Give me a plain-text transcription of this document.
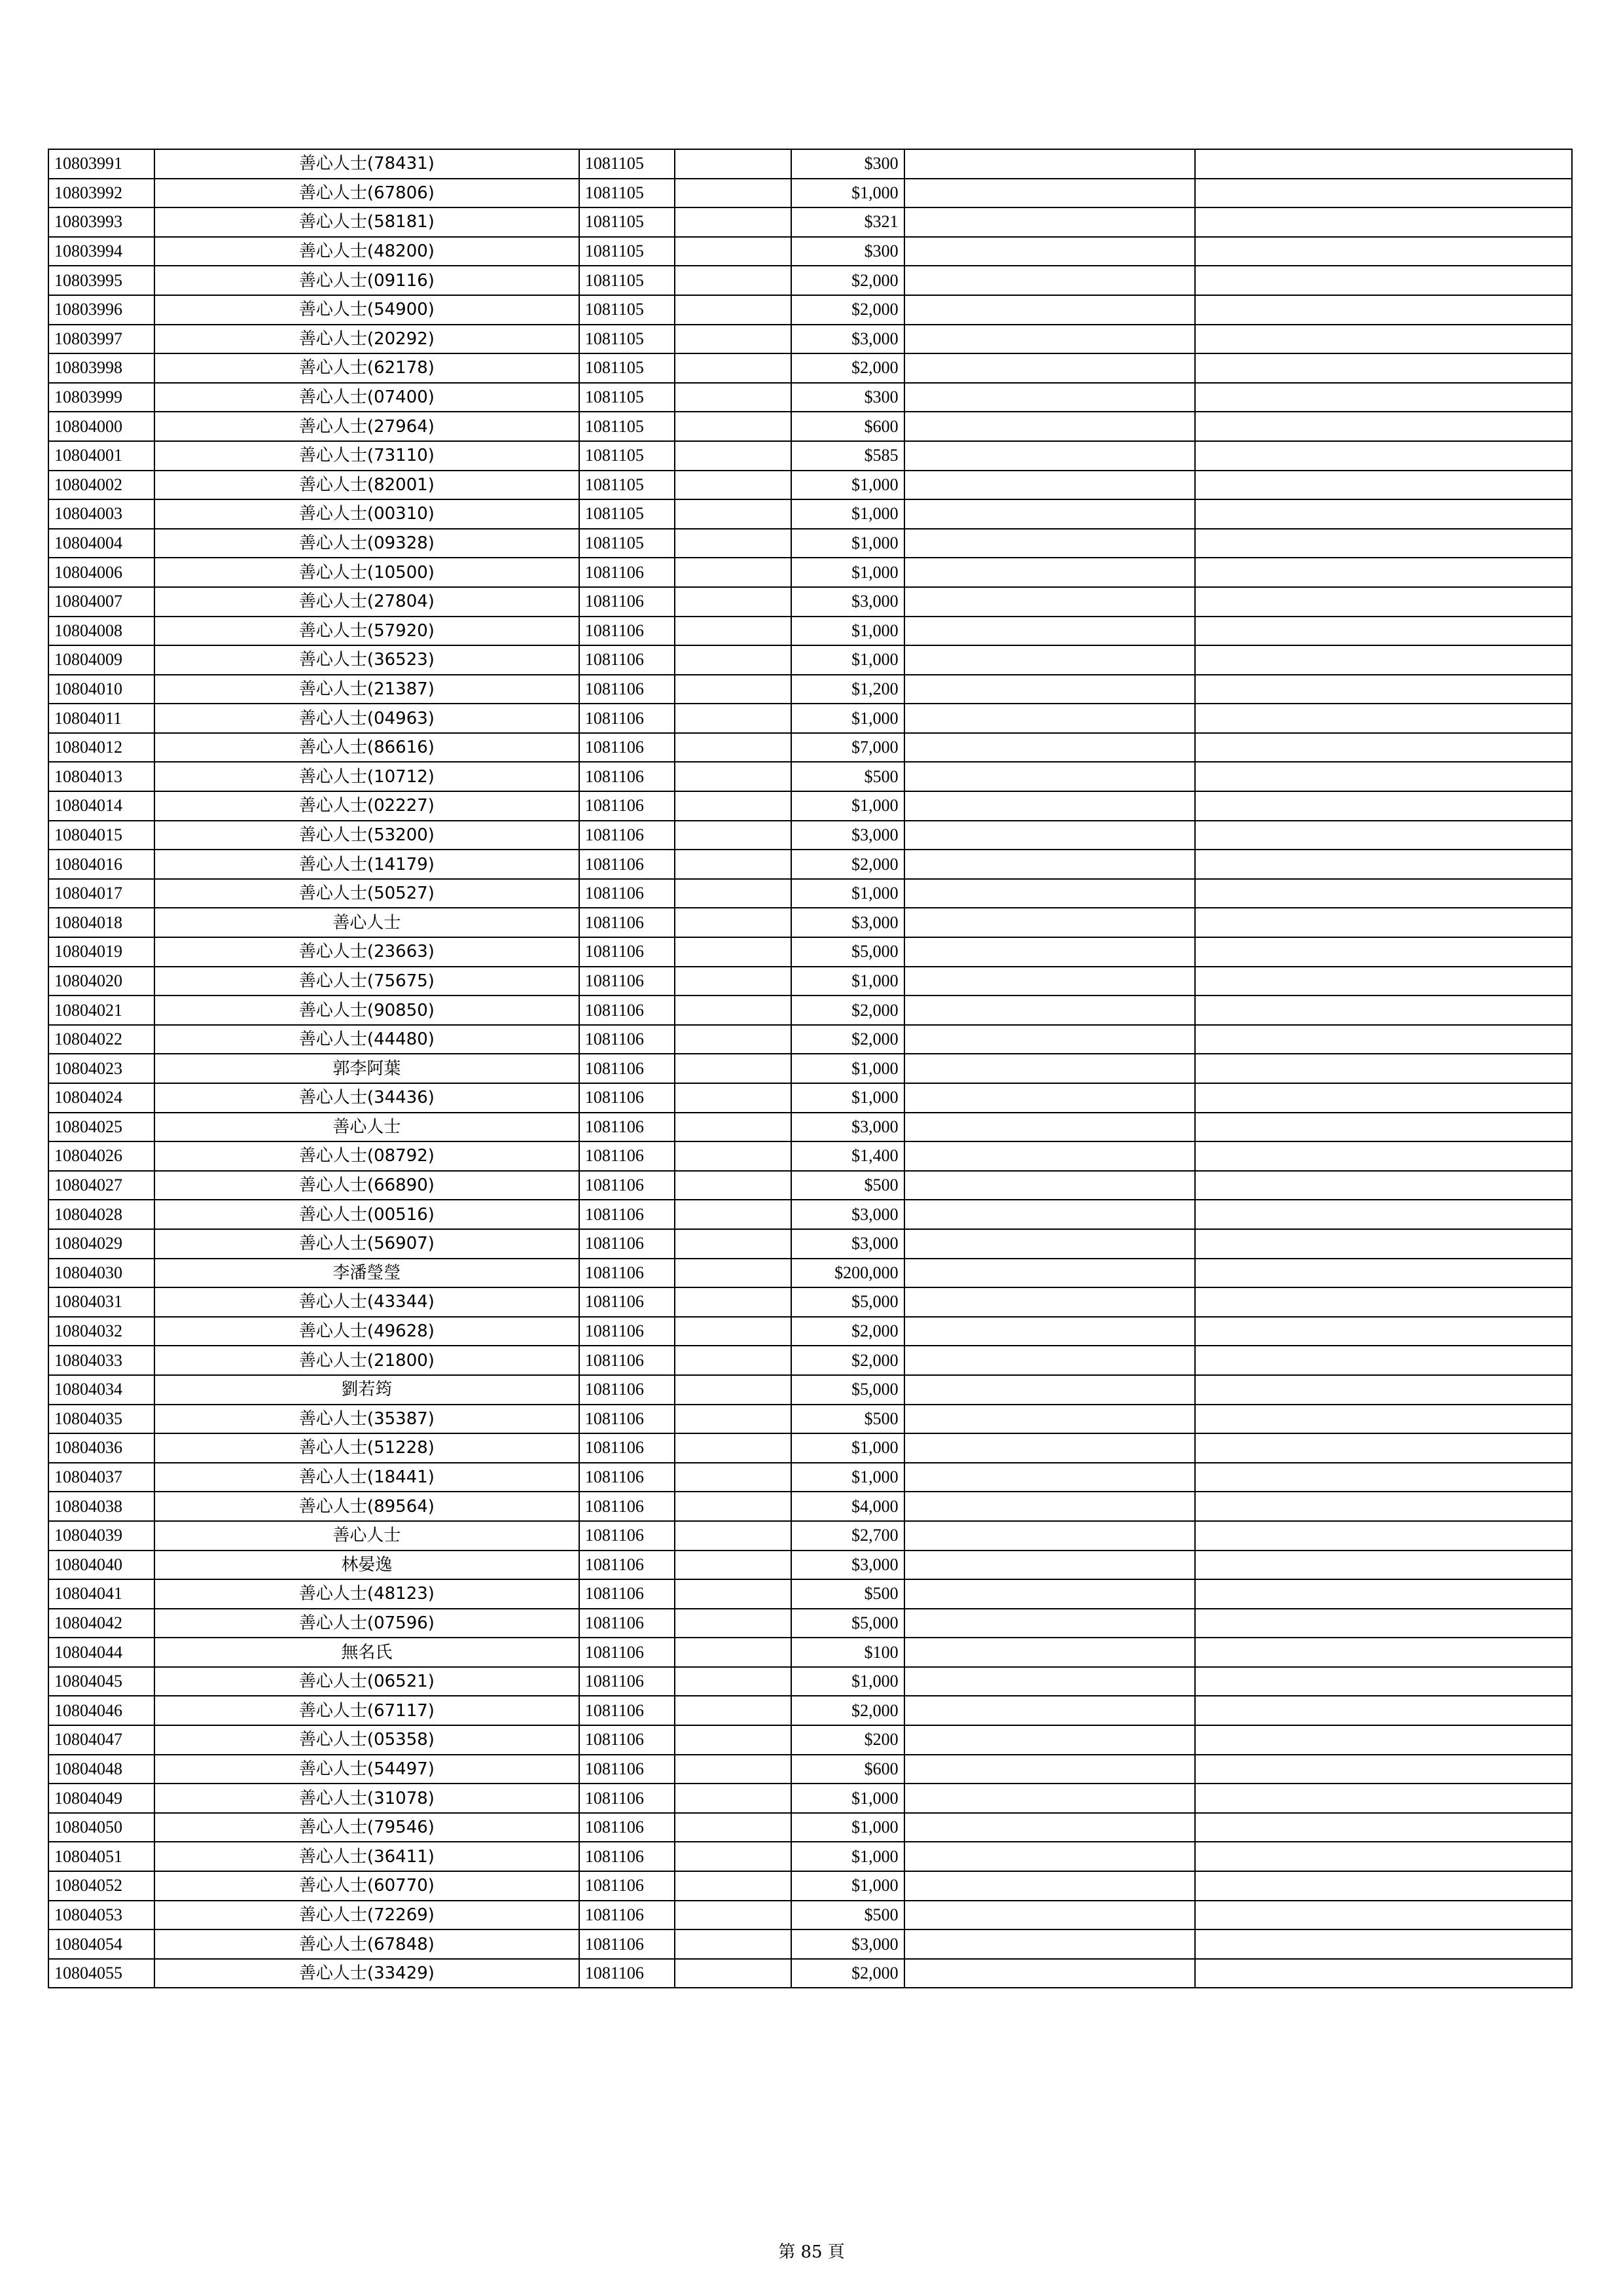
10803991	善心人士(78431)	1081105		$300		
10803992	善心人士(67806)	1081105		$1,000		
10803993	善心人士(58181)	1081105		$321		
10803994	善心人士(48200)	1081105		$300		
10803995	善心人士(09116)	1081105		$2,000		
10803996	善心人士(54900)	1081105		$2,000		
10803997	善心人士(20292)	1081105		$3,000		
10803998	善心人士(62178)	1081105		$2,000		
10803999	善心人士(07400)	1081105		$300		
10804000	善心人士(27964)	1081105		$600		
10804001	善心人士(73110)	1081105		$585		
10804002	善心人士(82001)	1081105		$1,000		
10804003	善心人士(00310)	1081105		$1,000		
10804004	善心人士(09328)	1081105		$1,000		
10804006	善心人士(10500)	1081106		$1,000		
10804007	善心人士(27804)	1081106		$3,000		
10804008	善心人士(57920)	1081106		$1,000		
10804009	善心人士(36523)	1081106		$1,000		
10804010	善心人士(21387)	1081106		$1,200		
10804011	善心人士(04963)	1081106		$1,000		
10804012	善心人士(86616)	1081106		$7,000		
10804013	善心人士(10712)	1081106		$500		
10804014	善心人士(02227)	1081106		$1,000		
10804015	善心人士(53200)	1081106		$3,000		
10804016	善心人士(14179)	1081106		$2,000		
10804017	善心人士(50527)	1081106		$1,000		
10804018	善心人士	1081106		$3,000		
10804019	善心人士(23663)	1081106		$5,000		
10804020	善心人士(75675)	1081106		$1,000		
10804021	善心人士(90850)	1081106		$2,000		
10804022	善心人士(44480)	1081106		$2,000		
10804023	郭李阿葉	1081106		$1,000		
10804024	善心人士(34436)	1081106		$1,000		
10804025	善心人士	1081106		$3,000		
10804026	善心人士(08792)	1081106		$1,400		
10804027	善心人士(66890)	1081106		$500		
10804028	善心人士(00516)	1081106		$3,000		
10804029	善心人士(56907)	1081106		$3,000		
10804030	李潘瑩瑩	1081106		$200,000		
10804031	善心人士(43344)	1081106		$5,000		
10804032	善心人士(49628)	1081106		$2,000		
10804033	善心人士(21800)	1081106		$2,000		
10804034	劉若筠	1081106		$5,000		
10804035	善心人士(35387)	1081106		$500		
10804036	善心人士(51228)	1081106		$1,000		
10804037	善心人士(18441)	1081106		$1,000		
10804038	善心人士(89564)	1081106		$4,000		
10804039	善心人士	1081106		$2,700		
10804040	林晏逸	1081106		$3,000		
10804041	善心人士(48123)	1081106		$500		
10804042	善心人士(07596)	1081106		$5,000		
10804044	無名氏	1081106		$100		
10804045	善心人士(06521)	1081106		$1,000		
10804046	善心人士(67117)	1081106		$2,000		
10804047	善心人士(05358)	1081106		$200		
10804048	善心人士(54497)	1081106		$600		
10804049	善心人士(31078)	1081106		$1,000		
10804050	善心人士(79546)	1081106		$1,000		
10804051	善心人士(36411)	1081106		$1,000		
10804052	善心人士(60770)	1081106		$1,000		
10804053	善心人士(72269)	1081106		$500		
10804054	善心人士(67848)	1081106		$3,000		
10804055	善心人士(33429)	1081106		$2,000		
第 85 頁
